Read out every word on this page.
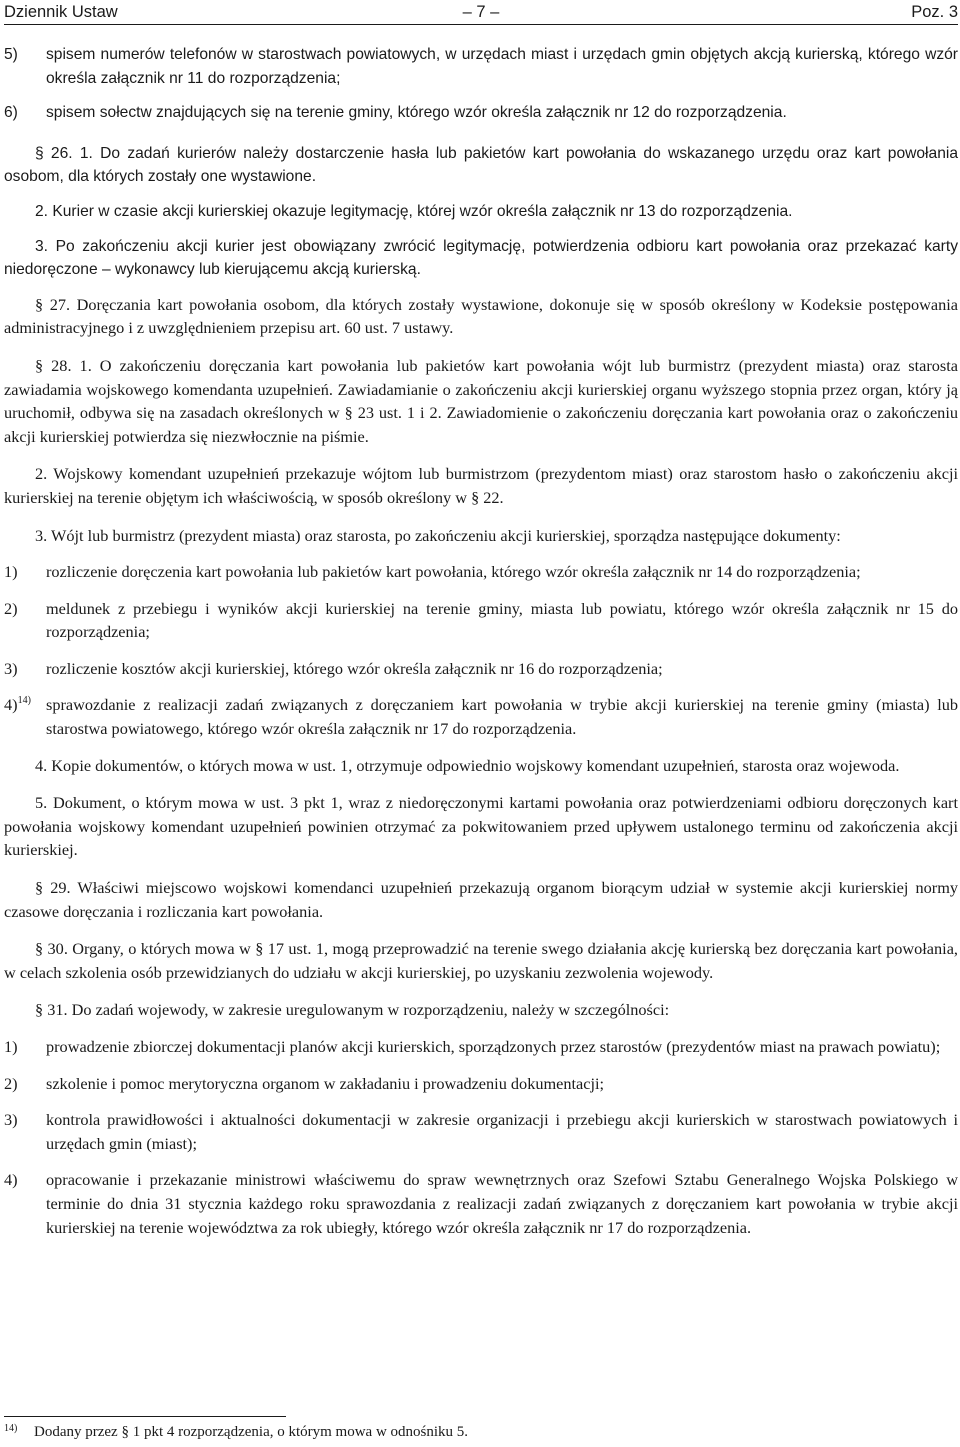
Dziennik Ustaw	– 7 –	Poz. 3
5) spisem numerów telefonów w starostwach powiatowych, w urzędach miast i urzędach gmin objętych akcją kurierską, którego wzór określa załącznik nr 11 do rozporządzenia;
6) spisem sołectw znajdujących się na terenie gminy, którego wzór określa załącznik nr 12 do rozporządzenia.

§ 26. 1. Do zadań kurierów należy dostarczenie hasła lub pakietów kart powołania do wskazanego urzędu oraz kart powołania osobom, dla których zostały one wystawione.

2. Kurier w czasie akcji kurierskiej okazuje legitymację, której wzór określa załącznik nr 13 do rozporządzenia.

3. Po zakończeniu akcji kurier jest obowiązany zwrócić legitymację, potwierdzenia odbioru kart powołania oraz przekazać karty niedoręczone – wykonawcy lub kierującemu akcją kurierską.

§ 27. Doręczania kart powołania osobom, dla których zostały wystawione, dokonuje się w sposób określony w Kodeksie postępowania administracyjnego i z uwzględnieniem przepisu art. 60 ust. 7 ustawy.

§ 28. 1. O zakończeniu doręczania kart powołania lub pakietów kart powołania wójt lub burmistrz (prezydent miasta) oraz starosta zawiadamia wojskowego komendanta uzupełnień. Zawiadamianie o zakończeniu akcji kurierskiej organu wyższego stopnia przez organ, który ją uruchomił, odbywa się na zasadach określonych w § 23 ust. 1 i 2. Zawiadomienie o zakończeniu doręczania kart powołania oraz o zakończeniu akcji kurierskiej potwierdza się niezwłocznie na piśmie.

2. Wojskowy komendant uzupełnień przekazuje wójtom lub burmistrzom (prezydentom miast) oraz starostom hasło o zakończeniu akcji kurierskiej na terenie objętym ich właściwością, w sposób określony w § 22.

3. Wójt lub burmistrz (prezydent miasta) oraz starosta, po zakończeniu akcji kurierskiej, sporządza następujące dokumenty:

1) rozliczenie doręczenia kart powołania lub pakietów kart powołania, którego wzór określa załącznik nr 14 do rozporządzenia;
2) meldunek z przebiegu i wyników akcji kurierskiej na terenie gminy, miasta lub powiatu, którego wzór określa załącznik nr 15 do rozporządzenia;
3) rozliczenie kosztów akcji kurierskiej, którego wzór określa załącznik nr 16 do rozporządzenia;
4)$^{14)}$ sprawozdanie z realizacji zadań związanych z doręczaniem kart powołania w trybie akcji kurierskiej na terenie gminy (miasta) lub starostwa powiatowego, którego wzór określa załącznik nr 17 do rozporządzenia.

4. Kopie dokumentów, o których mowa w ust. 1, otrzymuje odpowiednio wojskowy komendant uzupełnień, starosta oraz wojewoda.

5. Dokument, o którym mowa w ust. 3 pkt 1, wraz z niedoręczonymi kartami powołania oraz potwierdzeniami odbioru doręczonych kart powołania wojskowy komendant uzupełnień powinien otrzymać za pokwitowaniem przed upływem ustalonego terminu od zakończenia akcji kurierskiej.

§ 29. Właściwi miejscowo wojskowi komendanci uzupełnień przekazują organom biorącym udział w systemie akcji kurierskiej normy czasowe doręczania i rozliczania kart powołania.

§ 30. Organy, o których mowa w § 17 ust. 1, mogą przeprowadzić na terenie swego działania akcję kurierską bez doręczania kart powołania, w celach szkolenia osób przewidzianych do udziału w akcji kurierskiej, po uzyskaniu zezwolenia wojewody.

§ 31. Do zadań wojewody, w zakresie uregulowanym w rozporządzeniu, należy w szczególności:

1) prowadzenie zbiorczej dokumentacji planów akcji kurierskich, sporządzonych przez starostów (prezydentów miast na prawach powiatu);
2) szkolenie i pomoc merytoryczna organom w zakładaniu i prowadzeniu dokumentacji;
3) kontrola prawidłowości i aktualności dokumentacji w zakresie organizacji i przebiegu akcji kurierskich w starostwach powiatowych i urzędach gmin (miast);
4) opracowanie i przekazanie ministrowi właściwemu do spraw wewnętrznych oraz Szefowi Sztabu Generalnego Wojska Polskiego w terminie do dnia 31 stycznia każdego roku sprawozdania z realizacji zadań związanych z doręczaniem kart powołania w trybie akcji kurierskiej na terenie województwa za rok ubiegły, którego wzór określa załącznik nr 17 do rozporządzenia.
14) Dodany przez § 1 pkt 4 rozporządzenia, o którym mowa w odnośniku 5.
